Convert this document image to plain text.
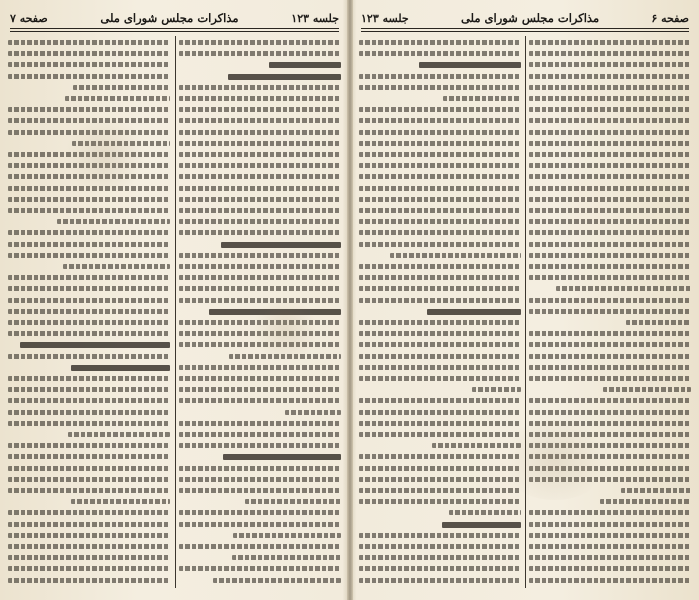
صفحه ۶
مذاکرات مجلس شورای ملی
جلسه ۱۲۳
جلسه ۱۲۳
مذاکرات مجلس شورای ملی
صفحه ۷
